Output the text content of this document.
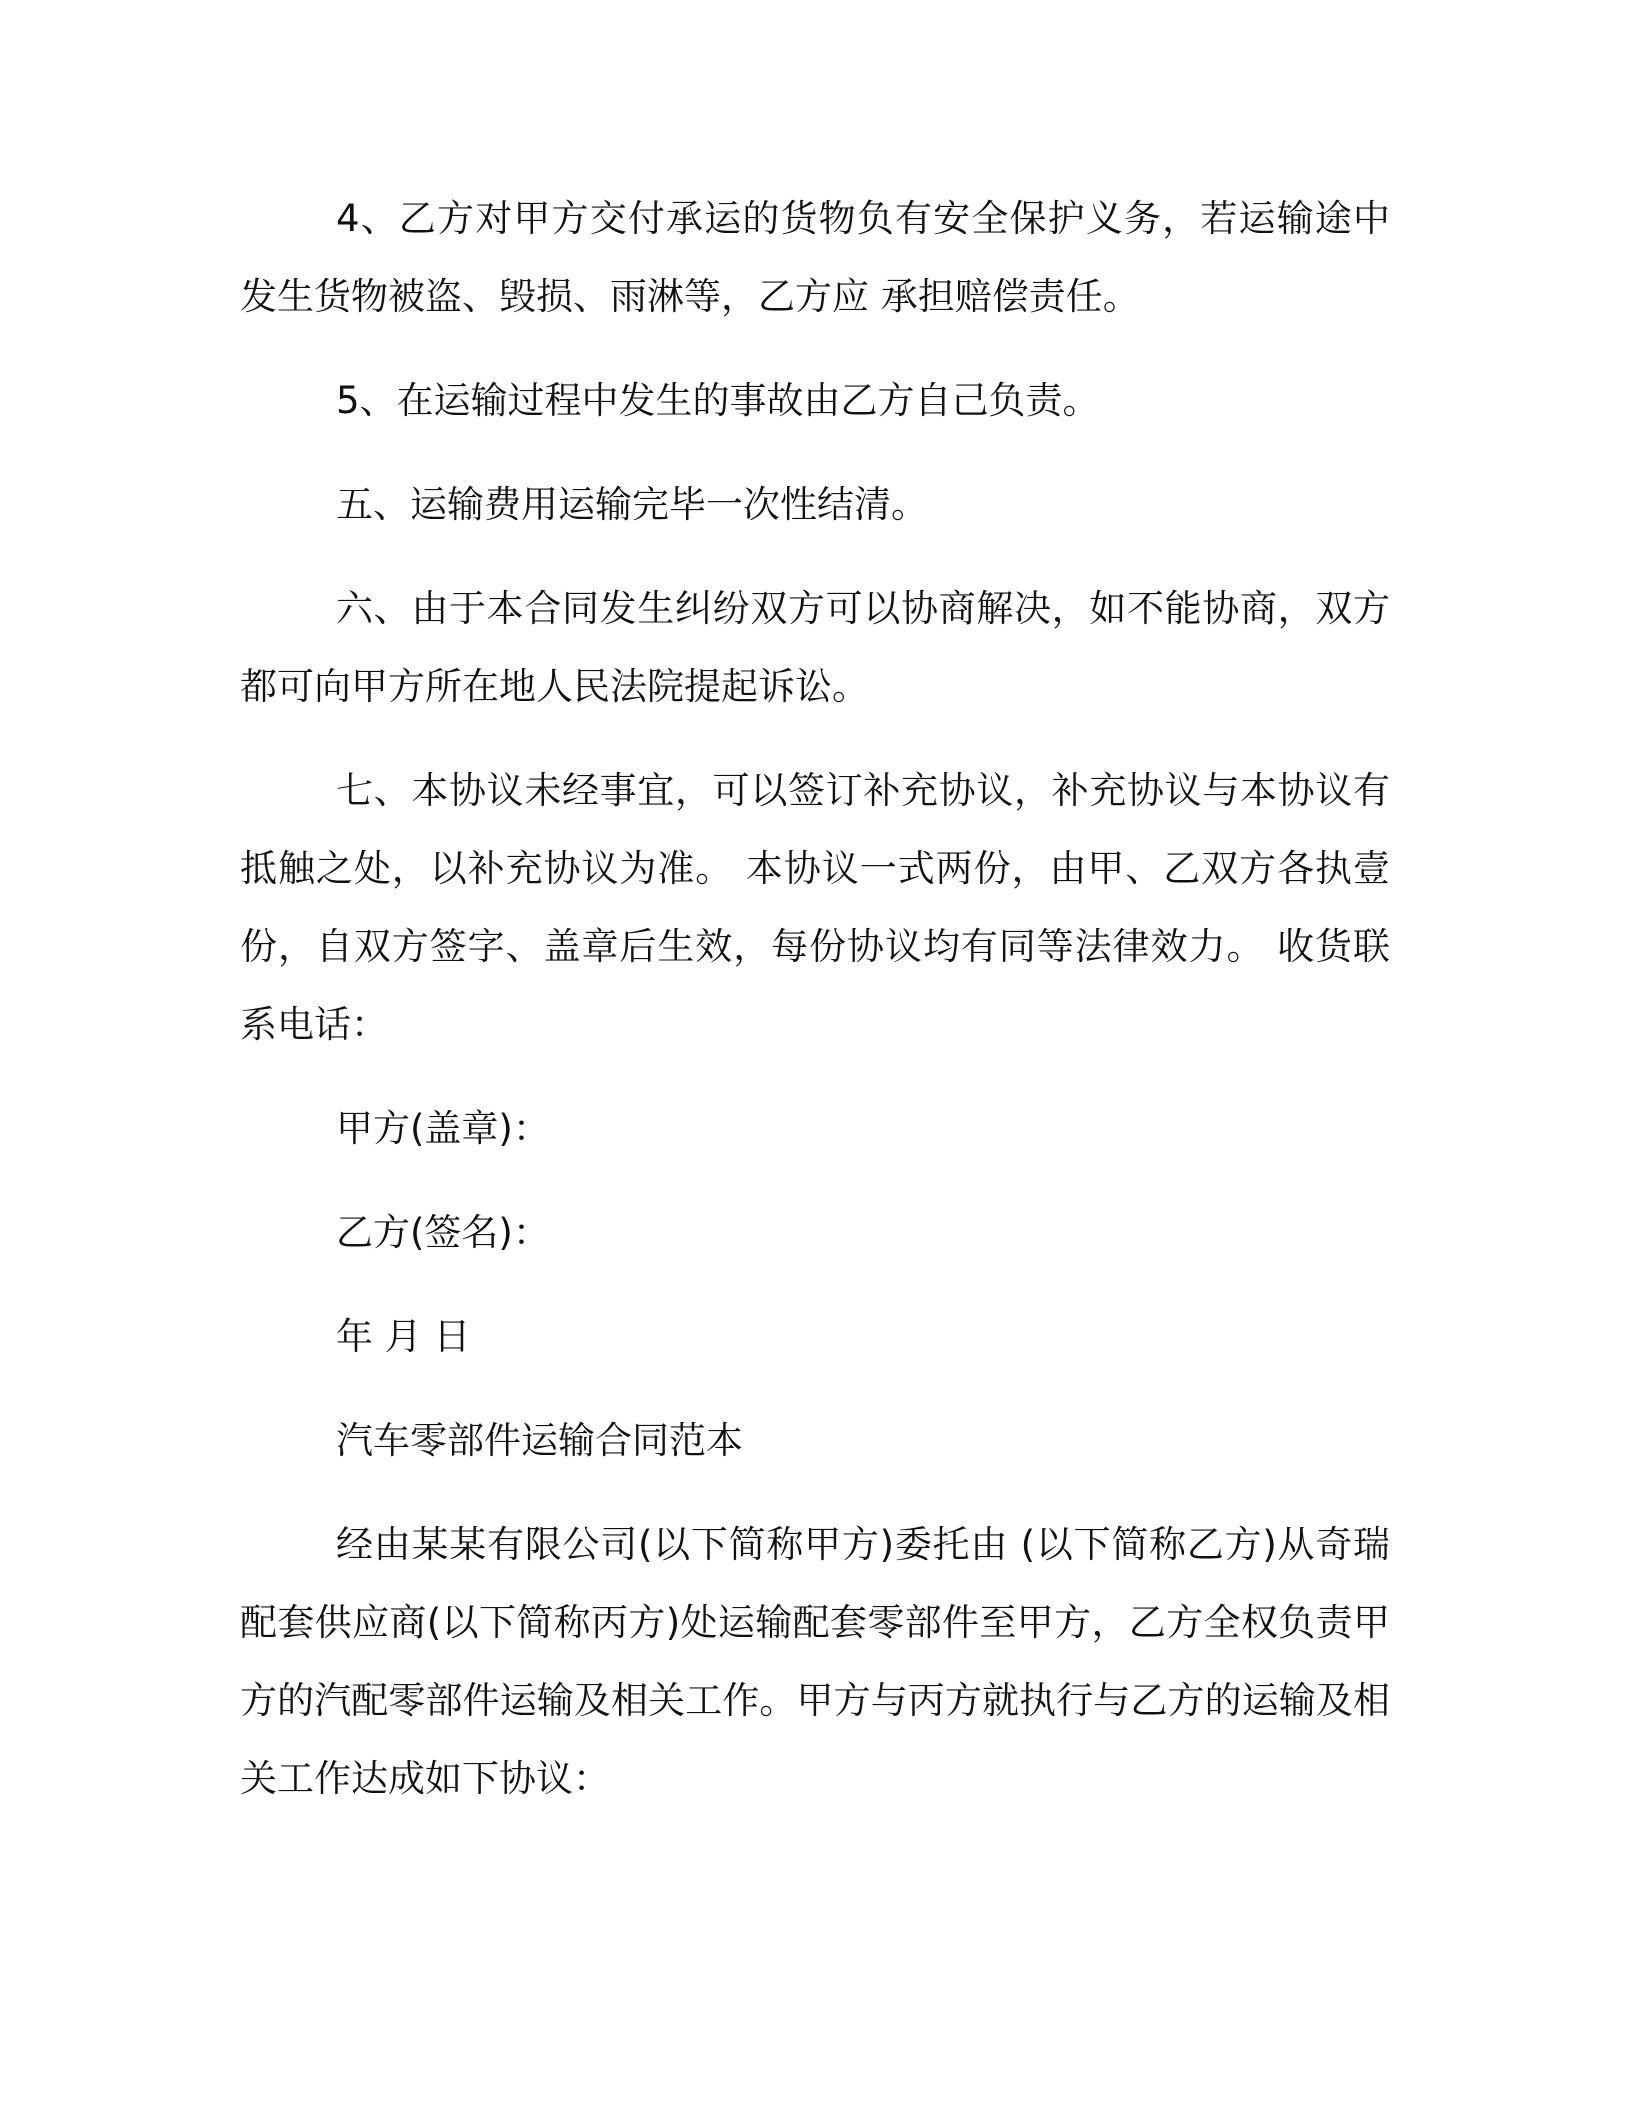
4、乙方对甲方交付承运的货物负有安全保护义务，若运输途中发生货物被盗、毁损、雨淋等，乙方应 承担赔偿责任。

5、在运输过程中发生的事故由乙方自己负责。

五、运输费用运输完毕一次性结清。

六、由于本合同发生纠纷双方可以协商解决，如不能协商，双方都可向甲方所在地人民法院提起诉讼。

七、本协议未经事宜，可以签订补充协议，补充协议与本协议有抵触之处，以补充协议为准。 本协议一式两份，由甲、乙双方各执壹份，自双方签字、盖章后生效，每份协议均有同等法律效力。 收货联系电话：

甲方(盖章)：

乙方(签名)：

年 月 日

汽车零部件运输合同范本

经由某某有限公司(以下简称甲方)委托由 (以下简称乙方)从奇瑞配套供应商(以下简称丙方)处运输配套零部件至甲方，乙方全权负责甲方的汽配零部件运输及相关工作。甲方与丙方就执行与乙方的运输及相关工作达成如下协议：
